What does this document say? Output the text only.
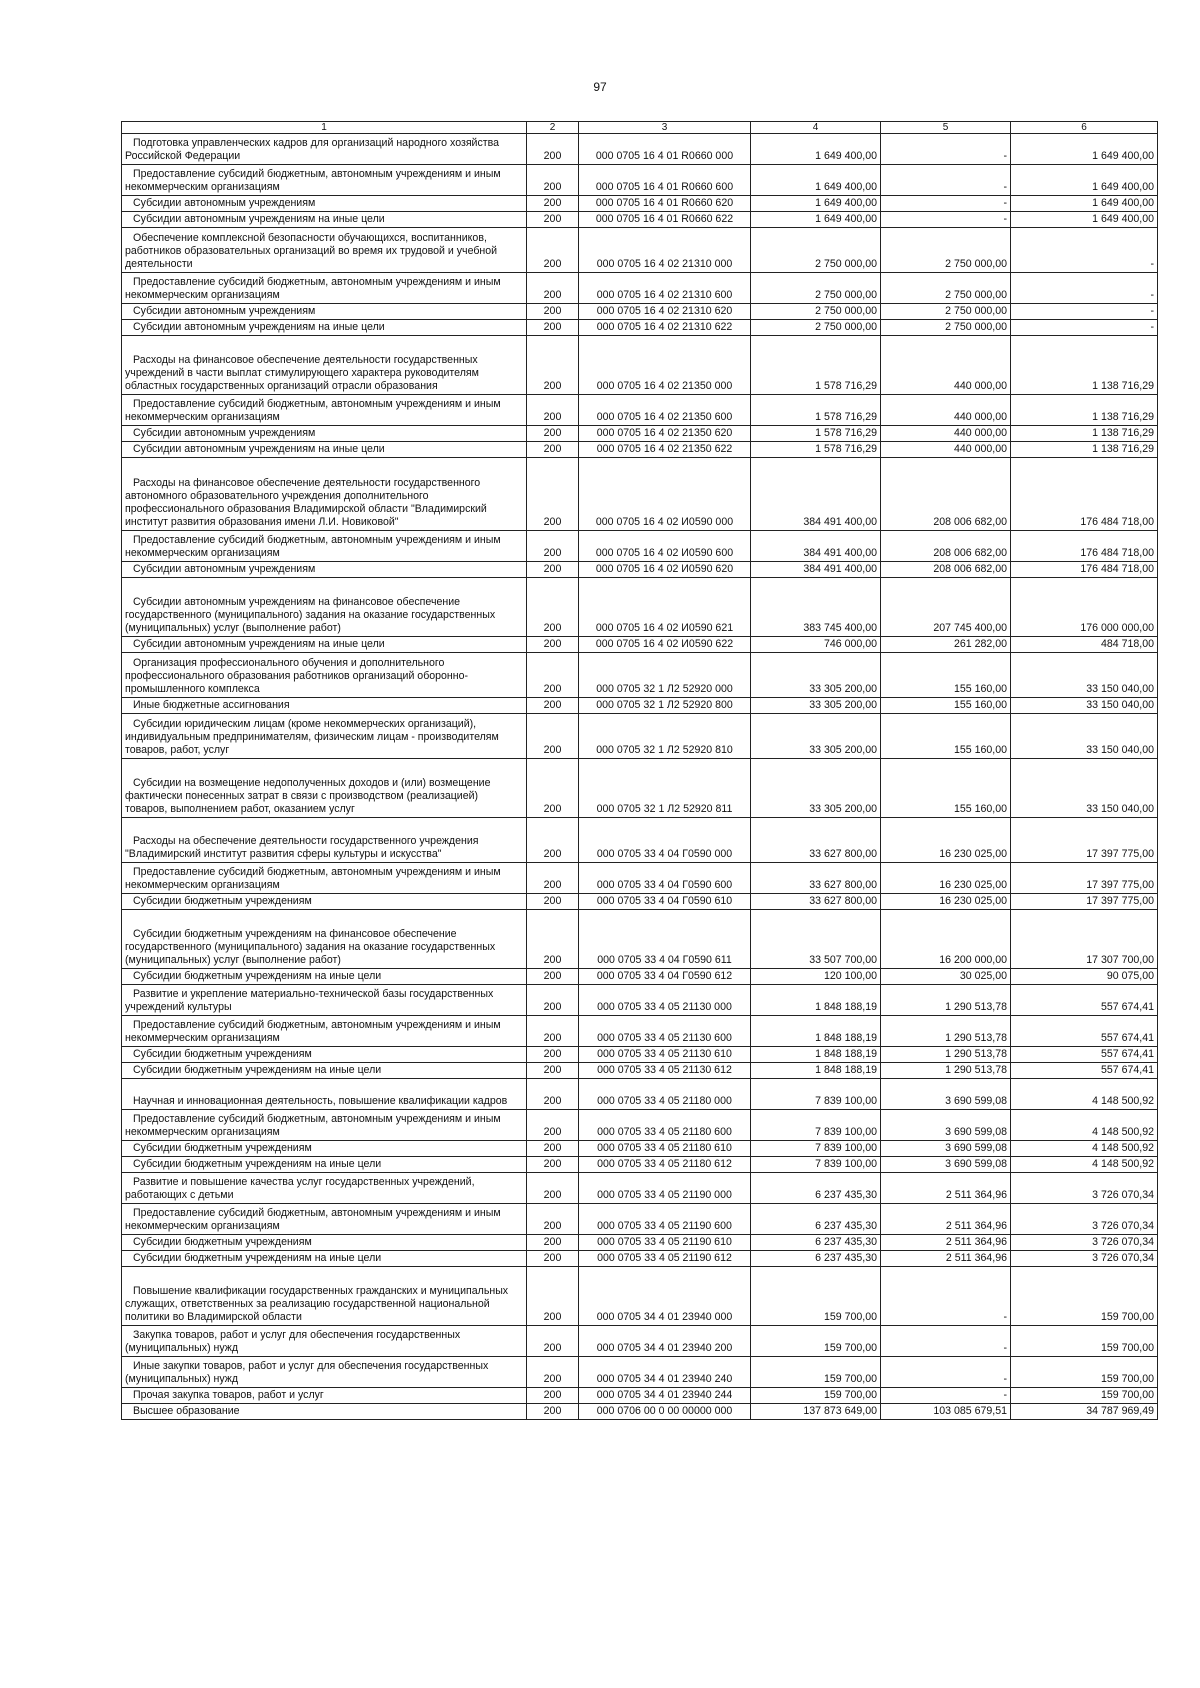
97
1	2	3	4	5	6

Подготовка управленческих кадров для организаций народного хозяйства Российской Федерации	200	000 0705 16 4 01 R0660 000	1 649 400,00	-	1 649 400,00

Предоставление субсидий бюджетным, автономным учреждениям и иным некоммерческим организациям	200	000 0705 16 4 01 R0660 600	1 649 400,00	-	1 649 400,00

Субсидии автономным учреждениям	200	000 0705 16 4 01 R0660 620	1 649 400,00	-	1 649 400,00

Субсидии автономным учреждениям на иные цели	200	000 0705 16 4 01 R0660 622	1 649 400,00	-	1 649 400,00

Обеспечение комплексной безопасности обучающихся, воспитанников, работников образовательных организаций во время их трудовой и учебной деятельности	200	000 0705 16 4 02 21310 000	2 750 000,00	2 750 000,00	-

Предоставление субсидий бюджетным, автономным учреждениям и иным некоммерческим организациям	200	000 0705 16 4 02 21310 600	2 750 000,00	2 750 000,00	-

Субсидии автономным учреждениям	200	000 0705 16 4 02 21310 620	2 750 000,00	2 750 000,00	-

Субсидии автономным учреждениям на иные цели	200	000 0705 16 4 02 21310 622	2 750 000,00	2 750 000,00	-

Расходы на финансовое обеспечение деятельности государственных учреждений в части выплат стимулирующего характера руководителям областных государственных организаций отрасли образования	200	000 0705 16 4 02 21350 000	1 578 716,29	440 000,00	1 138 716,29

Предоставление субсидий бюджетным, автономным учреждениям и иным некоммерческим организациям	200	000 0705 16 4 02 21350 600	1 578 716,29	440 000,00	1 138 716,29

Субсидии автономным учреждениям	200	000 0705 16 4 02 21350 620	1 578 716,29	440 000,00	1 138 716,29

Субсидии автономным учреждениям на иные цели	200	000 0705 16 4 02 21350 622	1 578 716,29	440 000,00	1 138 716,29

Расходы на финансовое обеспечение деятельности государственного автономного образовательного учреждения дополнительного профессионального образования Владимирской области "Владимирский институт развития образования имени Л.И. Новиковой"	200	000 0705 16 4 02 И0590 000	384 491 400,00	208 006 682,00	176 484 718,00

Предоставление субсидий бюджетным, автономным учреждениям и иным некоммерческим организациям	200	000 0705 16 4 02 И0590 600	384 491 400,00	208 006 682,00	176 484 718,00

Субсидии автономным учреждениям	200	000 0705 16 4 02 И0590 620	384 491 400,00	208 006 682,00	176 484 718,00

Субсидии автономным учреждениям на финансовое обеспечение государственного (муниципального) задания на оказание государственных (муниципальных) услуг (выполнение работ)	200	000 0705 16 4 02 И0590 621	383 745 400,00	207 745 400,00	176 000 000,00

Субсидии автономным учреждениям на иные цели	200	000 0705 16 4 02 И0590 622	746 000,00	261 282,00	484 718,00

Организация профессионального обучения и дополнительного профессионального образования работников организаций оборонно-промышленного комплекса	200	000 0705 32 1 Л2 52920 000	33 305 200,00	155 160,00	33 150 040,00

Иные бюджетные ассигнования	200	000 0705 32 1 Л2 52920 800	33 305 200,00	155 160,00	33 150 040,00

Субсидии юридическим лицам (кроме некоммерческих организаций), индивидуальным предпринимателям, физическим лицам - производителям товаров, работ, услуг	200	000 0705 32 1 Л2 52920 810	33 305 200,00	155 160,00	33 150 040,00

Субсидии на возмещение недополученных доходов и (или) возмещение фактически понесенных затрат в связи с производством (реализацией) товаров, выполнением работ, оказанием услуг	200	000 0705 32 1 Л2 52920 811	33 305 200,00	155 160,00	33 150 040,00

Расходы на обеспечение деятельности государственного учреждения "Владимирский институт развития сферы культуры и искусства"	200	000 0705 33 4 04 Г0590 000	33 627 800,00	16 230 025,00	17 397 775,00

Предоставление субсидий бюджетным, автономным учреждениям и иным некоммерческим организациям	200	000 0705 33 4 04 Г0590 600	33 627 800,00	16 230 025,00	17 397 775,00

Субсидии бюджетным учреждениям	200	000 0705 33 4 04 Г0590 610	33 627 800,00	16 230 025,00	17 397 775,00

Субсидии бюджетным учреждениям на финансовое обеспечение государственного (муниципального) задания на оказание государственных (муниципальных) услуг (выполнение работ)	200	000 0705 33 4 04 Г0590 611	33 507 700,00	16 200 000,00	17 307 700,00

Субсидии бюджетным учреждениям на иные цели	200	000 0705 33 4 04 Г0590 612	120 100,00	30 025,00	90 075,00

Развитие и укрепление материально-технической базы государственных учреждений культуры	200	000 0705 33 4 05 21130 000	1 848 188,19	1 290 513,78	557 674,41

Предоставление субсидий бюджетным, автономным учреждениям и иным некоммерческим организациям	200	000 0705 33 4 05 21130 600	1 848 188,19	1 290 513,78	557 674,41

Субсидии бюджетным учреждениям	200	000 0705 33 4 05 21130 610	1 848 188,19	1 290 513,78	557 674,41

Субсидии бюджетным учреждениям на иные цели	200	000 0705 33 4 05 21130 612	1 848 188,19	1 290 513,78	557 674,41

Научная и инновационная деятельность, повышение квалификации кадров	200	000 0705 33 4 05 21180 000	7 839 100,00	3 690 599,08	4 148 500,92

Предоставление субсидий бюджетным, автономным учреждениям и иным некоммерческим организациям	200	000 0705 33 4 05 21180 600	7 839 100,00	3 690 599,08	4 148 500,92

Субсидии бюджетным учреждениям	200	000 0705 33 4 05 21180 610	7 839 100,00	3 690 599,08	4 148 500,92

Субсидии бюджетным учреждениям на иные цели	200	000 0705 33 4 05 21180 612	7 839 100,00	3 690 599,08	4 148 500,92

Развитие и повышение качества услуг государственных учреждений, работающих с детьми	200	000 0705 33 4 05 21190 000	6 237 435,30	2 511 364,96	3 726 070,34

Предоставление субсидий бюджетным, автономным учреждениям и иным некоммерческим организациям	200	000 0705 33 4 05 21190 600	6 237 435,30	2 511 364,96	3 726 070,34

Субсидии бюджетным учреждениям	200	000 0705 33 4 05 21190 610	6 237 435,30	2 511 364,96	3 726 070,34

Субсидии бюджетным учреждениям на иные цели	200	000 0705 33 4 05 21190 612	6 237 435,30	2 511 364,96	3 726 070,34

Повышение квалификации государственных гражданских и муниципальных служащих, ответственных за реализацию государственной национальной политики во Владимирской области	200	000 0705 34 4 01 23940 000	159 700,00	-	159 700,00

Закупка товаров, работ и услуг для обеспечения государственных (муниципальных) нужд	200	000 0705 34 4 01 23940 200	159 700,00	-	159 700,00

Иные закупки товаров, работ и услуг для обеспечения государственных (муниципальных) нужд	200	000 0705 34 4 01 23940 240	159 700,00	-	159 700,00

Прочая закупка товаров, работ и услуг	200	000 0705 34 4 01 23940 244	159 700,00	-	159 700,00

Высшее образование	200	000 0706 00 0 00 00000 000	137 873 649,00	103 085 679,51	34 787 969,49
